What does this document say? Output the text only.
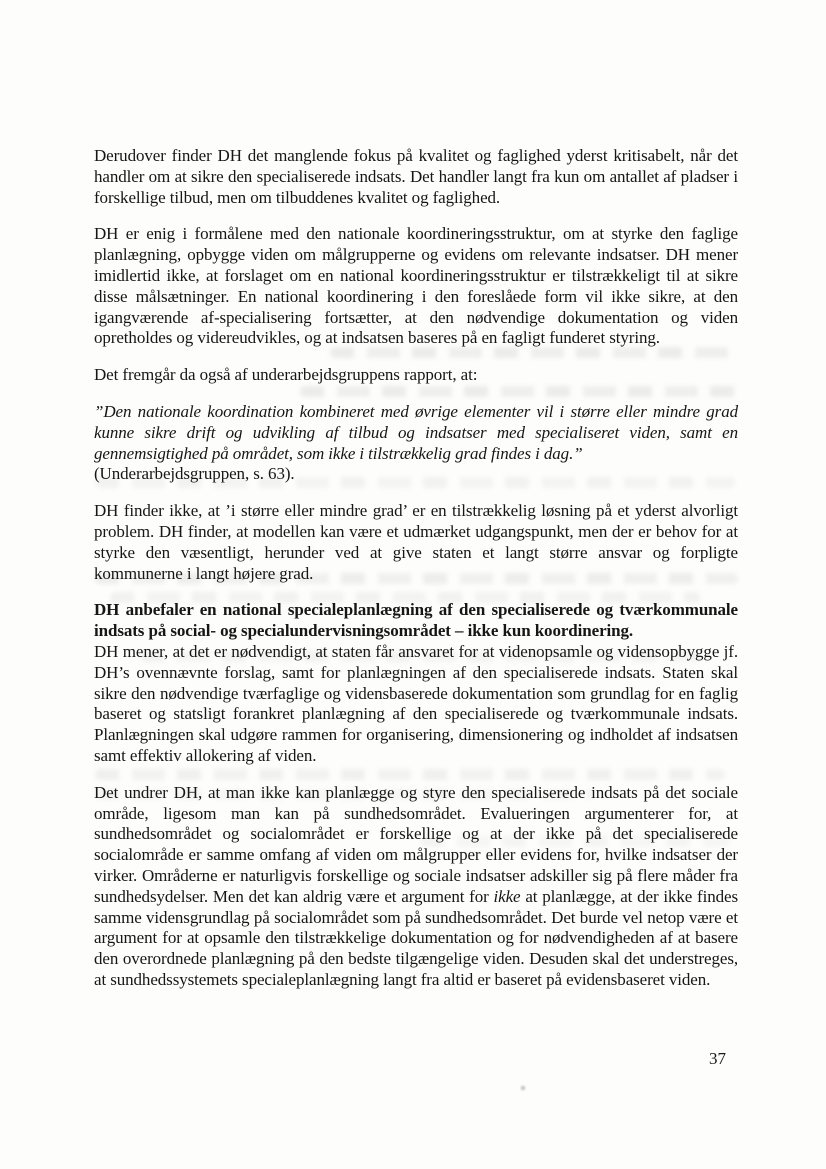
Derudover finder DH det manglende fokus på kvalitet og faglighed yderst kritisabelt, når det handler om at sikre den specialiserede indsats. Det handler langt fra kun om antallet af pladser i forskellige tilbud, men om tilbuddenes kvalitet og faglighed.

DH er enig i formålene med den nationale koordineringsstruktur, om at styrke den faglige planlægning, opbygge viden om målgrupperne og evidens om relevante indsatser. DH mener imidlertid ikke, at forslaget om en national koordineringsstruktur er tilstrækkeligt til at sikre disse målsætninger. En national koordinering i den foreslåede form vil ikke sikre, at den igangværende af-specialisering fortsætter, at den nødvendige dokumentation og viden opretholdes og videreudvikles, og at indsatsen baseres på en fagligt funderet styring.

Det fremgår da også af underarbejdsgruppens rapport, at:

”Den nationale koordination kombineret med øvrige elementer vil i større eller mindre grad kunne sikre drift og udvikling af tilbud og indsatser med specialiseret viden, samt en gennemsigtighed på området, som ikke i tilstrækkelig grad findes i dag.”
(Underarbejdsgruppen, s. 63).

DH finder ikke, at ’i større eller mindre grad’ er en tilstrækkelig løsning på et yderst alvorligt problem. DH finder, at modellen kan være et udmærket udgangspunkt, men der er behov for at styrke den væsentligt, herunder ved at give staten et langt større ansvar og forpligte kommunerne i langt højere grad.

DH anbefaler en national specialeplanlægning af den specialiserede og tværkommunale indsats på social- og specialundervisningsområdet – ikke kun koordinering.

DH mener, at det er nødvendigt, at staten får ansvaret for at videnopsamle og vidensopbygge jf. DH’s ovennævnte forslag, samt for planlægningen af den specialiserede indsats. Staten skal sikre den nødvendige tværfaglige og vidensbaserede dokumentation som grundlag for en faglig baseret og statsligt forankret planlægning af den specialiserede og tværkommunale indsats. Planlægningen skal udgøre rammen for organisering, dimensionering og indholdet af indsatsen samt effektiv allokering af viden.

Det undrer DH, at man ikke kan planlægge og styre den specialiserede indsats på det sociale område, ligesom man kan på sundhedsområdet. Evalueringen argumenterer for, at sundhedsområdet og socialområdet er forskellige og at der ikke på det specialiserede socialområde er samme omfang af viden om målgrupper eller evidens for, hvilke indsatser der virker. Områderne er naturligvis forskellige og sociale indsatser adskiller sig på flere måder fra sundhedsydelser. Men det kan aldrig være et argument for ikke at planlægge, at der ikke findes samme vidensgrundlag på socialområdet som på sundhedsområdet. Det burde vel netop være et argument for at opsamle den tilstrækkelige dokumentation og for nødvendigheden af at basere den overordnede planlægning på den bedste tilgængelige viden. Desuden skal det understreges, at sundhedssystemets specialeplanlægning langt fra altid er baseret på evidensbaseret viden.

37
